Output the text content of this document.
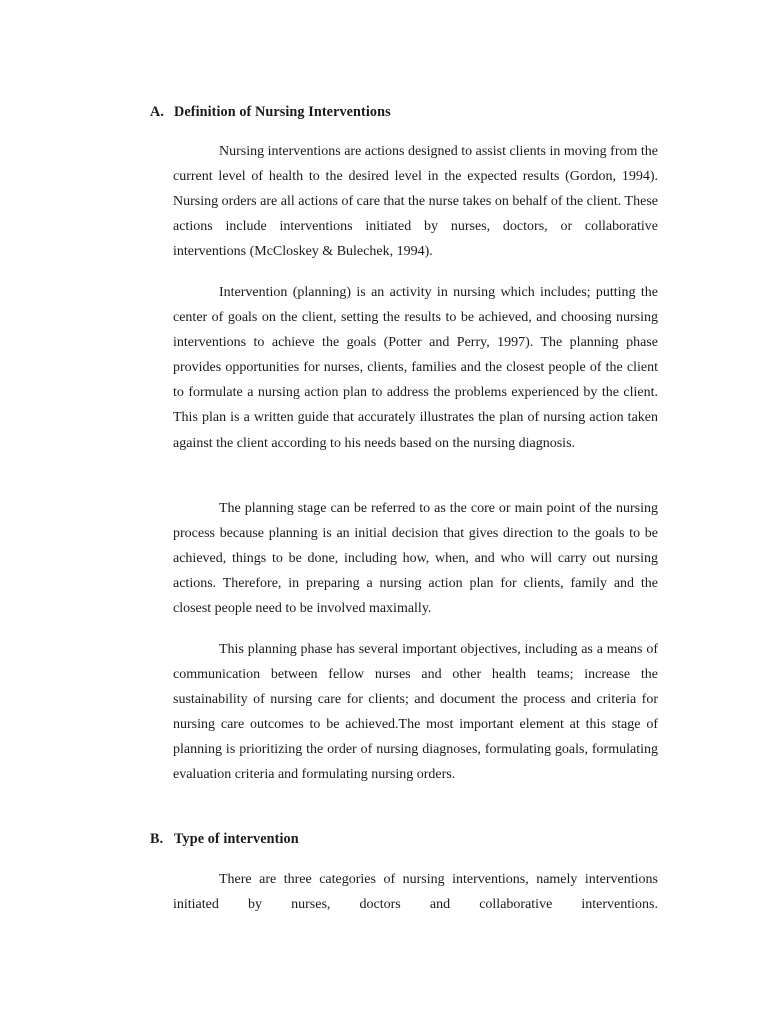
A. Definition of Nursing Interventions

Nursing interventions are actions designed to assist clients in moving from the current level of health to the desired level in the expected results (Gordon, 1994). Nursing orders are all actions of care that the nurse takes on behalf of the client. These actions include interventions initiated by nurses, doctors, or collaborative interventions (McCloskey & Bulechek, 1994).

Intervention (planning) is an activity in nursing which includes; putting the center of goals on the client, setting the results to be achieved, and choosing nursing interventions to achieve the goals (Potter and Perry, 1997). The planning phase provides opportunities for nurses, clients, families and the closest people of the client to formulate a nursing action plan to address the problems experienced by the client. This plan is a written guide that accurately illustrates the plan of nursing action taken against the client according to his needs based on the nursing diagnosis.

The planning stage can be referred to as the core or main point of the nursing process because planning is an initial decision that gives direction to the goals to be achieved, things to be done, including how, when, and who will carry out nursing actions. Therefore, in preparing a nursing action plan for clients, family and the closest people need to be involved maximally.

This planning phase has several important objectives, including as a means of communication between fellow nurses and other health teams; increase the sustainability of nursing care for clients; and document the process and criteria for nursing care outcomes to be achieved.The most important element at this stage of planning is prioritizing the order of nursing diagnoses, formulating goals, formulating evaluation criteria and formulating nursing orders.

B. Type of intervention

There are three categories of nursing interventions, namely interventions initiated by nurses, doctors and collaborative interventions.
